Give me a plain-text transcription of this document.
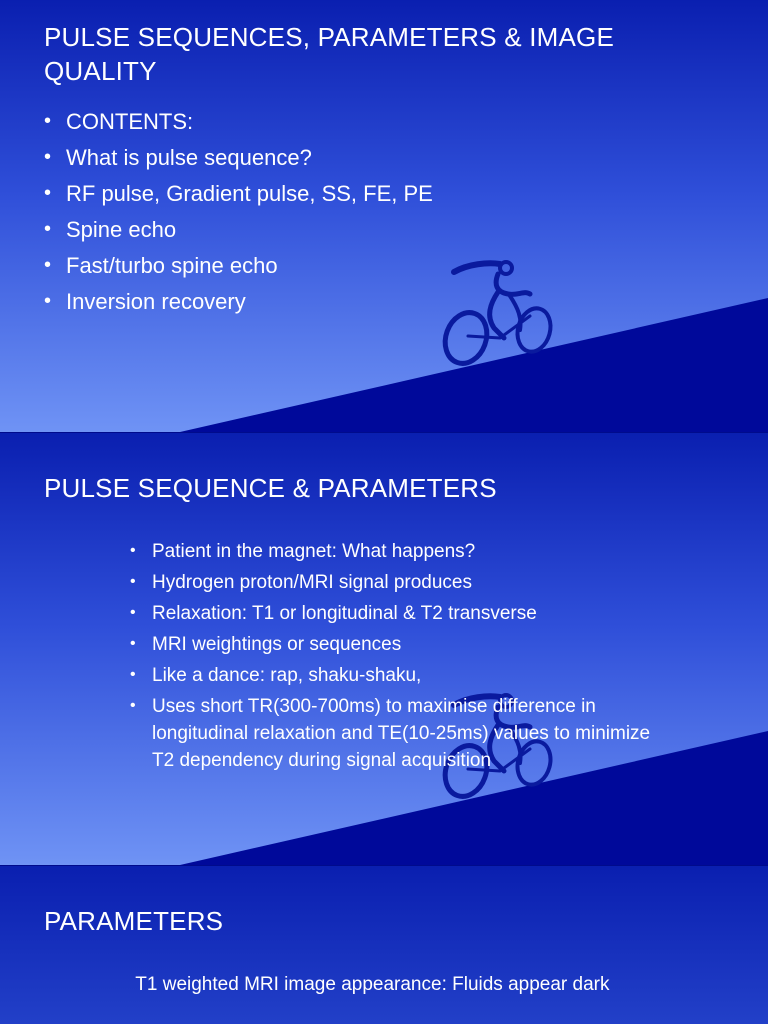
PULSE SEQUENCES, PARAMETERS & IMAGE QUALITY
• CONTENTS:
• What is pulse sequence?
• RF pulse, Gradient pulse, SS, FE, PE
• Spine echo
• Fast/turbo spine echo
• Inversion recovery
PULSE SEQUENCE & PARAMETERS
• Patient in the magnet: What happens?
• Hydrogen proton/MRI signal produces
• Relaxation: T1 or longitudinal & T2 transverse
• MRI weightings or sequences
• Like a dance: rap, shaku-shaku,
• Uses short TR(300-700ms) to maximise difference in longitudinal relaxation and TE(10-25ms) values to minimize T2 dependency during signal acquisition
PARAMETERS

T1 weighted MRI image appearance: Fluids appear dark
